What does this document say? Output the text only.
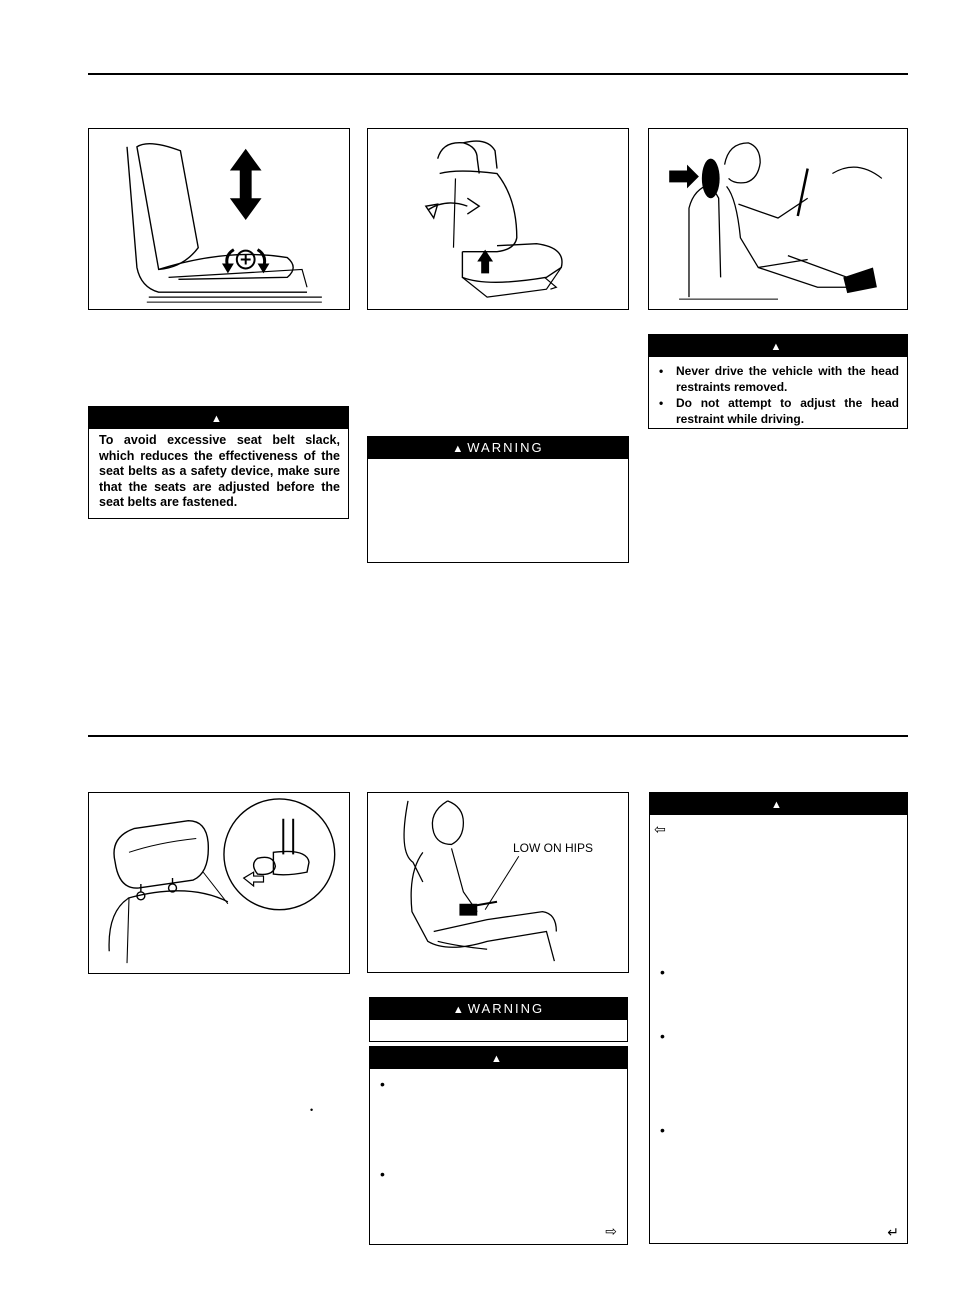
▲
To avoid excessive seat belt slack, which reduces the effectiveness of the seat belts as a safety device, make sure that the seats are adjusted before the seat belts are fastened.
▲ WARNING
▲
• Never drive the vehicle with the head restraints removed.
• Do not attempt to adjust the head restraint while driving.
LOW ON HIPS
▲ WARNING
▲
•
•
⇨
▲
⇦
•
•
•
↵
•
